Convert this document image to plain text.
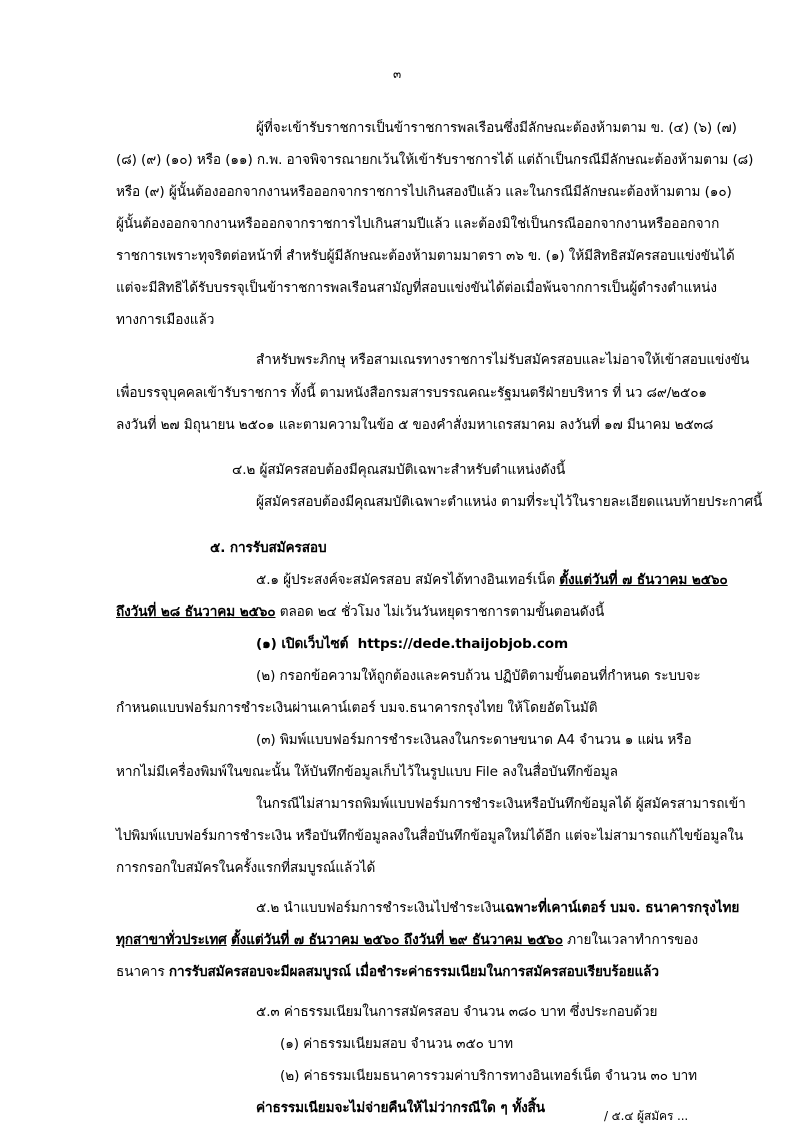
๓
ผู้ที่จะเข้ารับราชการเป็นข้าราชการพลเรือนซึ่งมีลักษณะต้องห้ามตาม ข. (๔) (๖) (๗)
(๘) (๙) (๑๐) หรือ (๑๑) ก.พ. อาจพิจารณายกเว้นให้เข้ารับราชการได้ แต่ถ้าเป็นกรณีมีลักษณะต้องห้ามตาม (๘)
หรือ (๙) ผู้นั้นต้องออกจากงานหรือออกจากราชการไปเกินสองปีแล้ว และในกรณีมีลักษณะต้องห้ามตาม (๑๐)
ผู้นั้นต้องออกจากงานหรือออกจากราชการไปเกินสามปีแล้ว และต้องมิใช่เป็นกรณีออกจากงานหรือออกจาก
ราชการเพราะทุจริตต่อหน้าที่ สำหรับผู้มีลักษณะต้องห้ามตามมาตรา ๓๖ ข. (๑) ให้มีสิทธิสมัครสอบแข่งขันได้
แต่จะมีสิทธิได้รับบรรจุเป็นข้าราชการพลเรือนสามัญที่สอบแข่งขันได้ต่อเมื่อพ้นจากการเป็นผู้ดำรงตำแหน่ง
ทางการเมืองแล้ว
สำหรับพระภิกษุ หรือสามเณรทางราชการไม่รับสมัครสอบและไม่อาจให้เข้าสอบแข่งขัน
เพื่อบรรจุบุคคลเข้ารับราชการ ทั้งนี้ ตามหนังสือกรมสารบรรณคณะรัฐมนตรีฝ่ายบริหาร ที่ นว ๘๙/๒๕๐๑
ลงวันที่ ๒๗ มิถุนายน ๒๕๐๑ และตามความในข้อ ๕ ของคำสั่งมหาเถรสมาคม ลงวันที่ ๑๗ มีนาคม ๒๕๓๘
๔.๒ ผู้สมัครสอบต้องมีคุณสมบัติเฉพาะสำหรับตำแหน่งดังนี้
ผู้สมัครสอบต้องมีคุณสมบัติเฉพาะตำแหน่ง ตามที่ระบุไว้ในรายละเอียดแนบท้ายประกาศนี้
๕. การรับสมัครสอบ
๕.๑ ผู้ประสงค์จะสมัครสอบ สมัครได้ทางอินเทอร์เน็ต ตั้งแต่วันที่ ๗ ธันวาคม ๒๕๖๐
ถึงวันที่ ๒๘ ธันวาคม ๒๕๖๐ ตลอด ๒๔ ชั่วโมง ไม่เว้นวันหยุดราชการตามขั้นตอนดังนี้
(๑) เปิดเว็บไซต์ https://dede.thaijobjob.com
(๒) กรอกข้อความให้ถูกต้องและครบถ้วน ปฏิบัติตามขั้นตอนที่กำหนด ระบบจะ
กำหนดแบบฟอร์มการชำระเงินผ่านเคาน์เตอร์ บมจ.ธนาคารกรุงไทย ให้โดยอัตโนมัติ
(๓) พิมพ์แบบฟอร์มการชำระเงินลงในกระดาษขนาด A4 จำนวน ๑ แผ่น หรือ
หากไม่มีเครื่องพิมพ์ในขณะนั้น ให้บันทึกข้อมูลเก็บไว้ในรูปแบบ File ลงในสื่อบันทึกข้อมูล
ในกรณีไม่สามารถพิมพ์แบบฟอร์มการชำระเงินหรือบันทึกข้อมูลได้ ผู้สมัครสามารถเข้า
ไปพิมพ์แบบฟอร์มการชำระเงิน หรือบันทึกข้อมูลลงในสื่อบันทึกข้อมูลใหม่ได้อีก แต่จะไม่สามารถแก้ไขข้อมูลใน
การกรอกใบสมัครในครั้งแรกที่สมบูรณ์แล้วได้
๕.๒ นำแบบฟอร์มการชำระเงินไปชำระเงินเฉพาะที่เคาน์เตอร์ บมจ. ธนาคารกรุงไทย
ทุกสาขาทั่วประเทศ ตั้งแต่วันที่ ๗ ธันวาคม ๒๕๖๐ ถึงวันที่ ๒๙ ธันวาคม ๒๕๖๐ ภายในเวลาทำการของ
ธนาคาร การรับสมัครสอบจะมีผลสมบูรณ์ เมื่อชำระค่าธรรมเนียมในการสมัครสอบเรียบร้อยแล้ว
๕.๓ ค่าธรรมเนียมในการสมัครสอบ จำนวน ๓๘๐ บาท ซึ่งประกอบด้วย
(๑) ค่าธรรมเนียมสอบ จำนวน ๓๕๐ บาท
(๒) ค่าธรรมเนียมธนาคารรวมค่าบริการทางอินเทอร์เน็ต จำนวน ๓๐ บาท
ค่าธรรมเนียมจะไม่จ่ายคืนให้ไม่ว่ากรณีใด ๆ ทั้งสิ้น	/ ๕.๔ ผู้สมัคร ...
